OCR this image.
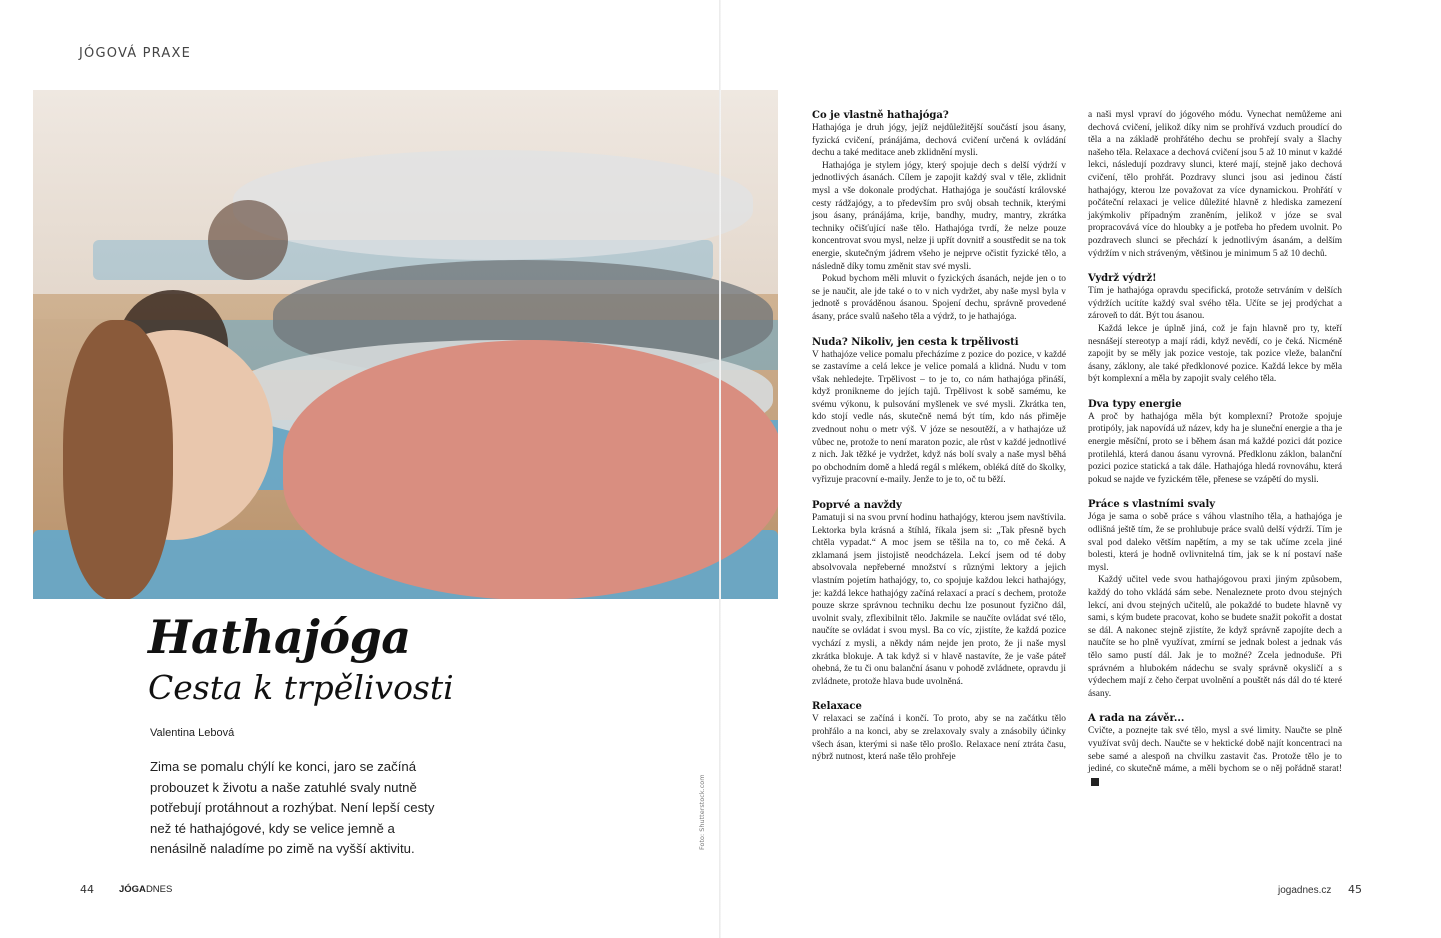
JÓGOVÁ PRAXE
Foto: Shutterstock.com
Hathajóga
Cesta k trpělivosti
Valentina Lebová
Zima se pomalu chýlí ke konci, jaro se začíná probouzet k životu a naše zatuhlé svaly nutně potřebují protáhnout a rozhýbat. Není lepší cesty než té hathajógové, kdy se velice jemně a nenásilně naladíme po zimě na vyšší aktivitu.
44	JÓGADNES
Co je vlastně hathajóga?

Hathajóga je druh jógy, jejíž nejdůležitější součástí jsou ásany, fyzická cvičení, pránájáma, dechová cvičení určená k ovládání dechu a také meditace aneb zklidnění mysli.

Hathajóga je stylem jógy, který spojuje dech s delší výdrží v jednotlivých ásanách. Cílem je zapojit každý sval v těle, zklidnit mysl a vše dokonale prodýchat. Hathajóga je součástí královské cesty rádžajógy, a to především pro svůj obsah technik, kterými jsou ásany, pránájáma, krije, bandhy, mudry, mantry, zkrátka techniky očišťující naše tělo. Hathajóga tvrdí, že nelze pouze koncentrovat svou mysl, nelze ji upřít dovnitř a soustředit se na tok energie, skutečným jádrem všeho je nejprve očistit fyzické tělo, a následně díky tomu změnit stav své mysli.

Pokud bychom měli mluvit o fyzických ásanách, nejde jen o to se je naučit, ale jde také o to v nich vydržet, aby naše mysl byla v jednotě s prováděnou ásanou. Spojení dechu, správně provedené ásany, práce svalů našeho těla a výdrž, to je hathajóga.

Nuda? Nikoliv, jen cesta k trpělivosti

V hathajóze velice pomalu přecházíme z pozice do pozice, v každé se zastavíme a celá lekce je velice pomalá a klidná. Nudu v tom však nehledejte. Trpělivost – to je to, co nám hathajóga přináší, když proniknеme do jejích tajů. Trpělivost k sobě samému, ke svému výkonu, k pulsování myšlenek ve své mysli. Zkrátka ten, kdo stojí vedle nás, skutečně nemá být tím, kdo nás přiměje zvednout nohu o metr výš. V józe se nesoutěží, a v hathajóze už vůbec ne, protože to není maraton pozic, ale růst v každé jednotlivé z nich. Jak těžké je vydržet, když nás bolí svaly a naše mysl běhá po obchodním domě a hledá regál s mlékem, obléká dítě do školky, vyřizuje pracovní e-maily. Jenže to je to, oč tu běží.

Poprvé a navždy

Pamatuji si na svou první hodinu hathajógy, kterou jsem navštívila. Lektorka byla krásná a štíhlá, říkala jsem si: „Tak přesně bych chtěla vypadat.“ A moc jsem se těšila na to, co mě čeká. A zklamaná jsem jistojistě neodcházela. Lekcí jsem od té doby absolvovala nepřeberné množství s různými lektory a jejich vlastním pojetím hathajógy, to, co spojuje každou lekci hathajógy, je: každá lekce hathajógy začíná relaxací a prací s dechem, protože pouze skrze správnou techniku dechu lze posunout fyzično dál, uvolnit svaly, zflexibilnit tělo. Jakmile se naučíte ovládat své tělo, naučíte se ovládat i svou mysl. Ba co víc, zjistíte, že každá pozice vychází z mysli, a někdy nám nejde jen proto, že ji naše mysl zkrátka blokuje. A tak když si v hlavě nastavíte, že je vaše páteř ohebná, že tu či onu balanční ásanu v pohodě zvládnete, opravdu ji zvládnete, protože hlava bude uvolněná.

Relaxace

V relaxaci se začíná i končí. To proto, aby se na začátku tělo prohřálo a na konci, aby se zrelaxovaly svaly a znásobily účinky všech ásan, kterými si naše tělo prošlo. Relaxace není ztráta času, nýbrž nutnost, která naše tělo prohřeje

a naši mysl vpraví do jógového módu. Vynechat nemůžeme ani dechová cvičení, jelikož díky nim se prohřívá vzduch proudící do těla a na základě prohřátého dechu se prohřejí svaly a šlachy našeho těla. Relaxace a dechová cvičení jsou 5 až 10 minut v každé lekci, následují pozdravy slunci, které mají, stejně jako dechová cvičení, tělo prohřát. Pozdravy slunci jsou asi jedinou částí hathajógy, kterou lze považovat za více dynamickou. Prohřátí v počáteční relaxaci je velice důležité hlavně z hlediska zamezení jakýmkoliv případným zraněním, jelikož v józe se sval propracovává více do hloubky a je potřeba ho předem uvolnit. Po pozdravech slunci se přechází k jednotlivým ásanám, a delším výdržím v nich stráveným, většinou je minimum 5 až 10 dechů.

Vydrž výdrž!

Tím je hathajóga opravdu specifická, protože setrváním v delších výdržích ucítíte každý sval svého těla. Učíte se jej prodýchat a zároveň to dát. Být tou ásanou.

Každá lekce je úplně jiná, což je fajn hlavně pro ty, kteří nesnášejí stereotyp a mají rádi, když nevědí, co je čeká. Nicméně zapojit by se měly jak pozice vestoje, tak pozice vleže, balanční ásany, záklony, ale také předklonové pozice. Každá lekce by měla být komplexní a měla by zapojit svaly celého těla.

Dva typy energie

A proč by hathajóga měla být komplexní? Protože spojuje protipóly, jak napovídá už název, kdy ha je sluneční energie a tha je energie měsíční, proto se i během ásan má každé pozici dát pozice protilehlá, která danou ásanu vyrovná. Předklonu záklon, balanční pozici pozice statická a tak dále. Hathajóga hledá rovnováhu, která pokud se najde ve fyzickém těle, přenese se vzápětí do mysli.

Práce s vlastními svaly

Jóga je sama o sobě práce s váhou vlastního těla, a hathajóga je odlišná ještě tím, že se prohlubuje práce svalů delší výdrží. Tím je sval pod daleko větším napětím, a my se tak učíme zcela jiné bolesti, která je hodně ovlivnitelná tím, jak se k ní postaví naše mysl.

Každý učitel vede svou hathajógovou praxi jiným způsobem, každý do toho vkládá sám sebe. Nenaleznete proto dvou stejných lekcí, ani dvou stejných učitelů, ale pokaždé to budete hlavně vy sami, s kým budete pracovat, koho se budete snažit pokořit a dostat se dál. A nakonec stejně zjistíte, že když správně zapojíte dech a naučíte se ho plně využívat, zmírní se jednak bolest a jednak vás tělo samo pustí dál. Jak je to možné? Zcela jednoduše. Při správném a hlubokém nádechu se svaly správně okysličí a s výdechem mají z čeho čerpat uvolnění a pouštět nás dál do té které ásany.

A rada na závěr...

Cvičte, a poznejte tak své tělo, mysl a své limity. Naučte se plně využívat svůj dech. Naučte se v hektické době najít koncentraci na sebe samé a alespoň na chvilku zastavit čas. Protože tělo je to jediné, co skutečně máme, a měli bychom se o něj pořádně starat!

jogadnes.cz 45
